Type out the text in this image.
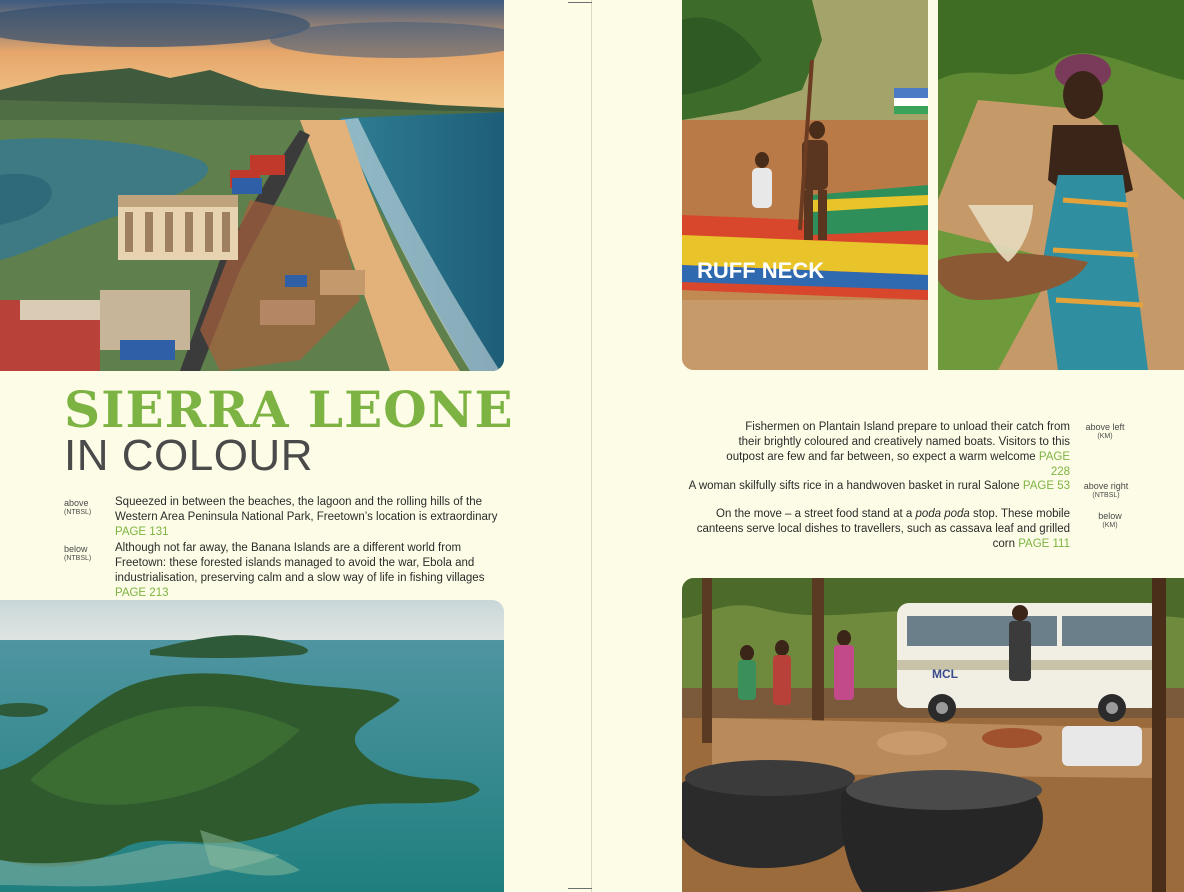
SIERRA LEONE
IN COLOUR
above
(NTBSL)
Squeezed in between the beaches, the lagoon and the rolling hills of the Western Area Peninsula National Park, Freetown’s location is extraordinary PAGE 131
below
(NTBSL)
Although not far away, the Banana Islands are a different world from Freetown: these forested islands managed to avoid the war, Ebola and industrialisation, preserving calm and a slow way of life in fishing villages PAGE 213
RUFF NECK
Fishermen on Plantain Island prepare to unload their catch from their brightly coloured and creatively named boats. Visitors to this outpost are few and far between, so expect a warm welcome PAGE 228
above left
(KM)
A woman skilfully sifts rice in a handwoven basket in rural Salone PAGE 53	above right
(NTBSL)
On the move – a street food stand at a poda poda stop. These mobile canteens serve local dishes to travellers, such as cassava leaf and grilled corn PAGE 111
below
(KM)
MCL
